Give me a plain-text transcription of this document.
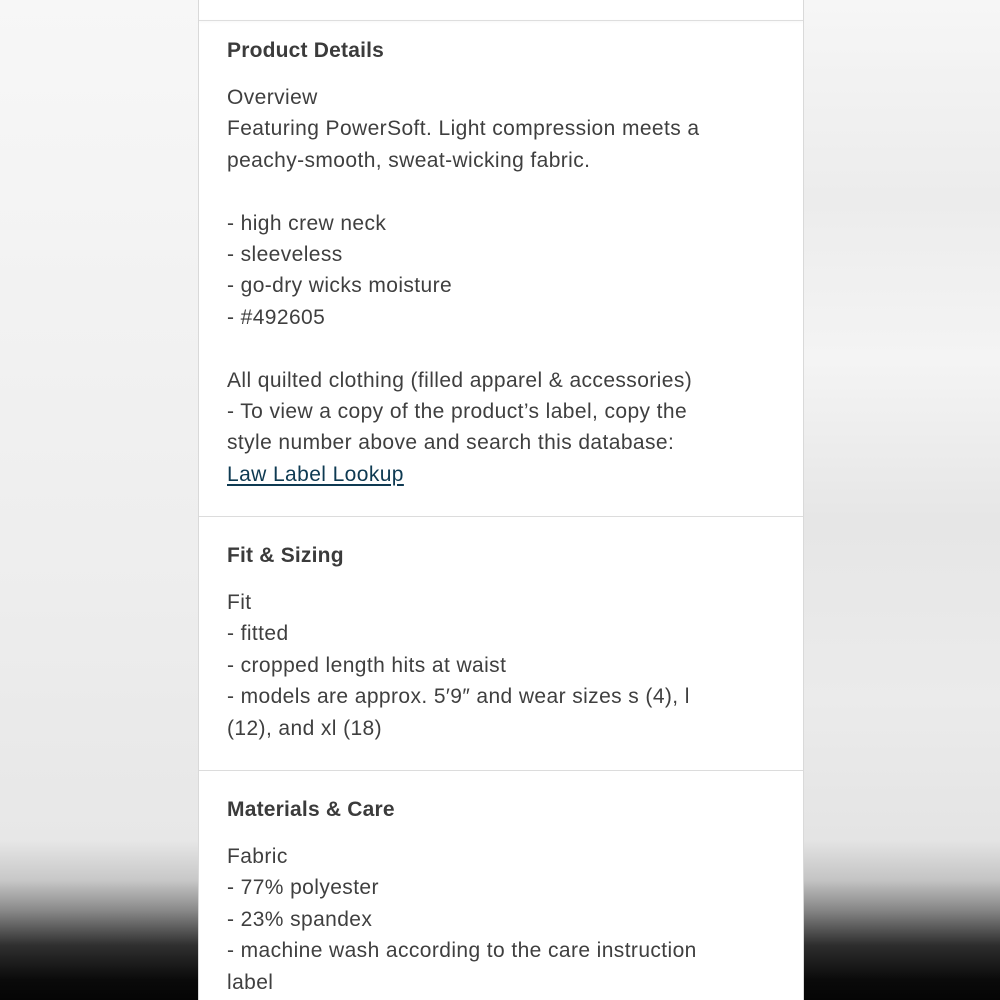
Product Details
Overview
Featuring PowerSoft. Light compression meets a
peachy-smooth, sweat-wicking fabric.
- high crew neck
- sleeveless
- go-dry wicks moisture
- #492605
All quilted clothing (filled apparel & accessories)
- To view a copy of the product’s label, copy the
style number above and search this database:
Law Label Lookup
Fit & Sizing
Fit
- fitted
- cropped length hits at waist
- models are approx. 5′9″ and wear sizes s (4), l
(12), and xl (18)
Materials & Care
Fabric
- 77% polyester
- 23% spandex
- machine wash according to the care instruction
label
